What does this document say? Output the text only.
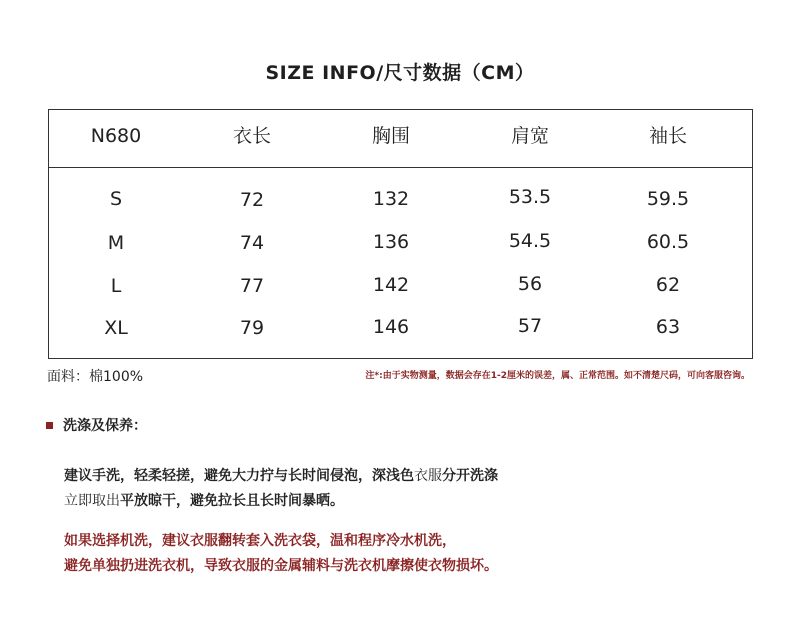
SIZE INFO/尺寸数据（CM）
N680	衣长	胸围	肩宽	袖长
S	72	132	53.5	59.5
M	74	136	54.5	60.5
L	77	142	56	62
XL	79	146	57	63
面料：棉100%	注*:由于实物测量，数据会存在1-2厘米的误差，属、正常范围。如不清楚尺码，可向客服咨询。
洗涤及保养：
建议手洗，轻柔轻搓，避免大力拧与长时间侵泡，深浅色衣服分开洗涤
立即取出平放晾干，避免拉长且长时间暴晒。
如果选择机洗，建议衣服翻转套入洗衣袋，温和程序冷水机洗，
避免单独扔进洗衣机，导致衣服的金属辅料与洗衣机摩擦使衣物损坏。
